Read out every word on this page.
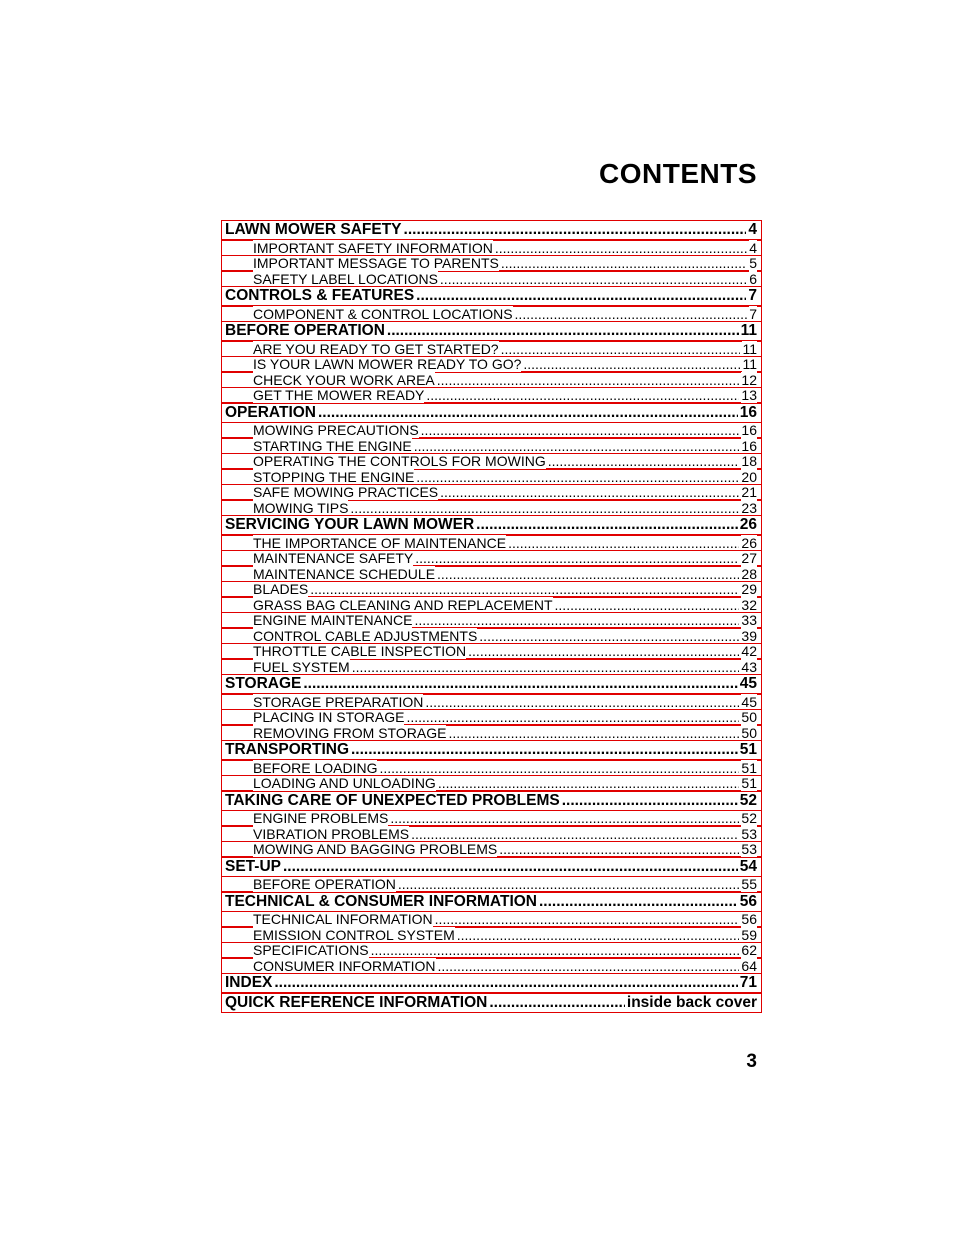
CONTENTS
LAWN MOWER SAFETY .....	4
IMPORTANT SAFETY INFORMATION .....	4
IMPORTANT MESSAGE TO PARENTS .....	5
SAFETY LABEL LOCATIONS .....	6
CONTROLS & FEATURES .....	7
COMPONENT & CONTROL LOCATIONS .....	7
BEFORE OPERATION .....	11
ARE YOU READY TO GET STARTED? .....	11
IS YOUR LAWN MOWER READY TO GO? .....	11
CHECK YOUR WORK AREA .....	12
GET THE MOWER READY .....	13
OPERATION .....	16
MOWING PRECAUTIONS .....	16
STARTING THE ENGINE .....	16
OPERATING THE CONTROLS FOR MOWING .....	18
STOPPING THE ENGINE .....	20
SAFE MOWING PRACTICES .....	21
MOWING TIPS .....	23
SERVICING YOUR LAWN MOWER .....	26
THE IMPORTANCE OF MAINTENANCE .....	26
MAINTENANCE SAFETY .....	27
MAINTENANCE SCHEDULE .....	28
BLADES .....	29
GRASS BAG CLEANING AND REPLACEMENT .....	32
ENGINE MAINTENANCE .....	33
CONTROL CABLE ADJUSTMENTS .....	39
THROTTLE CABLE INSPECTION .....	42
FUEL SYSTEM .....	43
STORAGE .....	45
STORAGE PREPARATION .....	45
PLACING IN STORAGE .....	50
REMOVING FROM STORAGE .....	50
TRANSPORTING .....	51
BEFORE LOADING .....	51
LOADING AND UNLOADING .....	51
TAKING CARE OF UNEXPECTED PROBLEMS .....	52
ENGINE PROBLEMS .....	52
VIBRATION PROBLEMS .....	53
MOWING AND BAGGING PROBLEMS .....	53
SET-UP .....	54
BEFORE OPERATION .....	55
TECHNICAL & CONSUMER INFORMATION .....	56
TECHNICAL INFORMATION .....	56
EMISSION CONTROL SYSTEM .....	59
SPECIFICATIONS .....	62
CONSUMER INFORMATION .....	64
INDEX .....	71
QUICK REFERENCE INFORMATION .....	inside back cover
3
